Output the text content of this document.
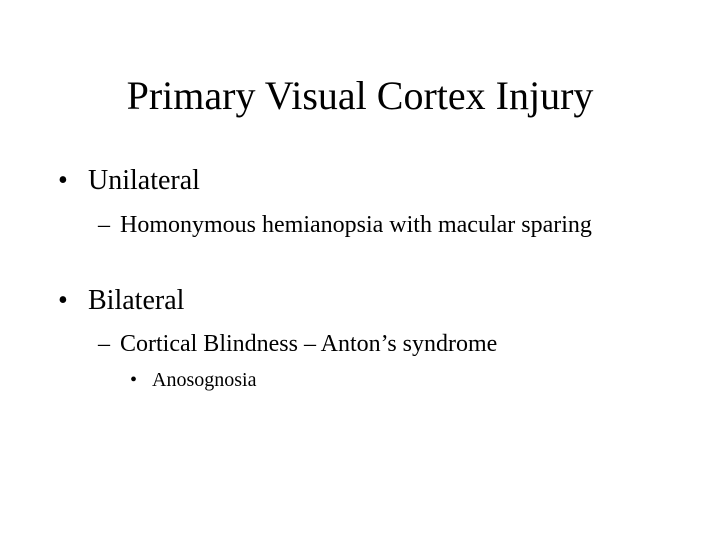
Primary Visual Cortex Injury
• Unilateral
– Homonymous hemianopsia with macular sparing
• Bilateral
– Cortical Blindness – Anton’s syndrome
• Anosognosia
